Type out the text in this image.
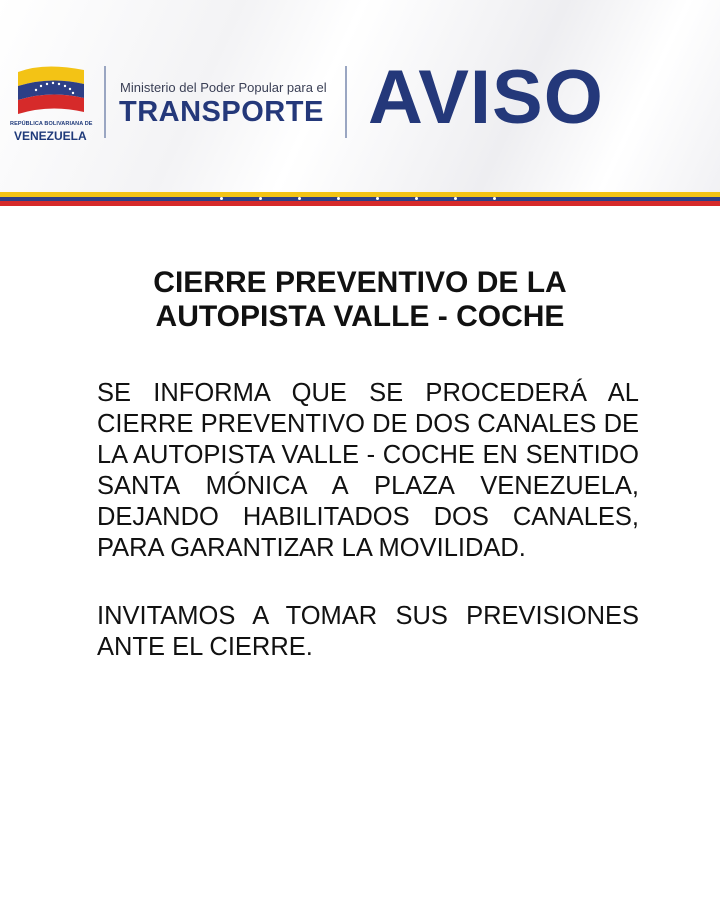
REPÚBLICA BOLIVARIANA DE
VENEZUELA
Ministerio del Poder Popular para el
TRANSPORTE AVISO
CIERRE PREVENTIVO DE LA
AUTOPISTA VALLE - COCHE

SE INFORMA QUE SE PROCEDERÁ AL CIERRE PREVENTIVO DE DOS CANALES DE LA AUTOPISTA VALLE - COCHE EN SENTIDO SANTA MÓNICA A PLAZA VENEZUELA, DEJANDO HABILITADOS DOS CANALES, PARA GARANTIZAR LA MOVILIDAD.

INVITAMOS A TOMAR SUS PREVISIONES ANTE EL CIERRE.
